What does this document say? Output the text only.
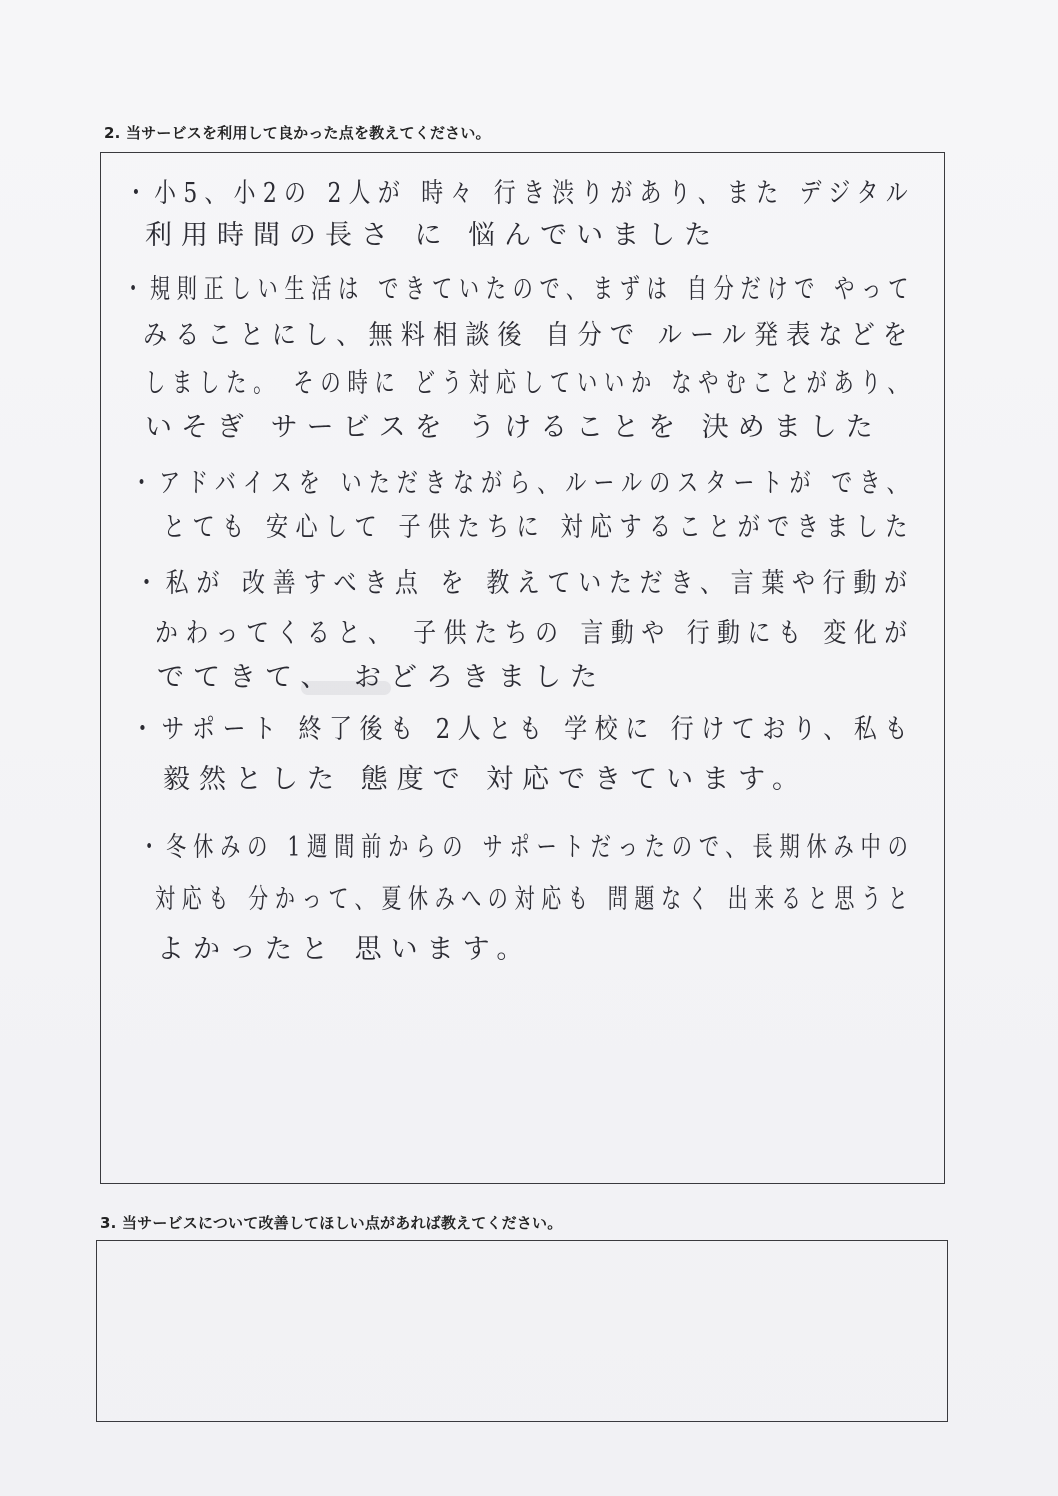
2. 当サービスを利用して良かった点を教えてください。
・小5、小2の 2人が 時々 行き渋りがあり、また デジタル
利用時間の長さ に 悩んでいました
・規則正しい生活は できていたので、まずは 自分だけで やって
みることにし、無料相談後 自分で ルール発表などを
しました。 その時に どう対応していいか なやむことがあり、
いそぎ サービスを うけることを 決めました
・アドバイスを いただきながら、ルールのスタートが でき、
とても 安心して 子供たちに 対応することができました
・私が 改善すべき点 を 教えていただき、言葉や行動が
かわってくると、 子供たちの 言動や 行動にも 変化が
でてきて、 おどろきました
・サポート 終了後も 2人とも 学校に 行けており、私も
毅然とした 態度で 対応できています。
・冬休みの 1週間前からの サポートだったので、長期休み中の
対応も 分かって、夏休みへの対応も 問題なく 出来ると思うと
よかったと 思います。
3. 当サービスについて改善してほしい点があれば教えてください。
